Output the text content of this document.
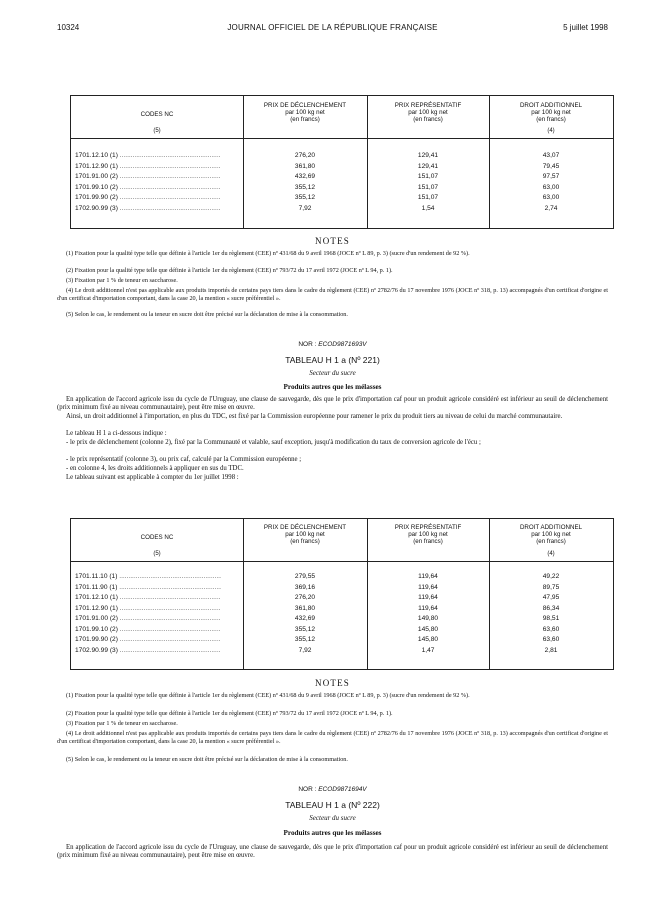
10324	JOURNAL OFFICIEL DE LA RÉPUBLIQUE FRANÇAISE	5 juillet 1998
CODES NC
(5)
PRIX DE DÉCLENCHEMENT
par 100 kg net
(en francs)
PRIX REPRÉSENTATIF
par 100 kg net
(en francs)
DROIT ADDITIONNEL
par 100 kg net
(en francs)
(4)
1701.12.10 (1) .....	276,20	129,41	43,07
1701.12.90 (1) .....	361,80	129,41	79,45
1701.91.00 (2) .....	432,69	151,07	97,57
1701.99.10 (2) .....	355,12	151,07	63,00
1701.99.90 (2) .....	355,12	151,07	63,00
1702.90.99 (3) .....	7,92	1,54	2,74
NOTES
(1) Fixation pour la qualité type telle que définie à l'article 1er du règlement (CEE) nº 431/68 du 9 avril 1968 (JOCE nº L 89, p. 3) (sucre d'un rendement de 92 %).
(2) Fixation pour la qualité type telle que définie à l'article 1er du règlement (CEE) nº 793/72 du 17 avril 1972 (JOCE nº L 94, p. 1).
(3) Fixation par 1 % de teneur en saccharose.
(4) Le droit additionnel n'est pas applicable aux produits importés de certains pays tiers dans le cadre du règlement (CEE) nº 2782/76 du 17 novembre 1976 (JOCE nº 318, p. 13) accompagnés d'un certificat d'origine et d'un certificat d'importation comportant, dans la case 20, la mention « sucre préférentiel ».
(5) Selon le cas, le rendement ou la teneur en sucre doit être précisé sur la déclaration de mise à la consommation.
NOR : ECOD9871693V
TABLEAU H 1 a (Nº 221)
Secteur du sucre
Produits autres que les mélasses
En application de l'accord agricole issu du cycle de l'Uruguay, une clause de sauvegarde, dès que le prix d'importation caf pour un produit agricole considéré est inférieur au seuil de déclenchement (prix minimum fixé au niveau communautaire), peut être mise en œuvre.
Ainsi, un droit additionnel à l'importation, en plus du TDC, est fixé par la Commission européenne pour ramener le prix du produit tiers au niveau de celui du marché communautaire.
Le tableau H 1 a ci-dessous indique :
- le prix de déclenchement (colonne 2), fixé par la Communauté et valable, sauf exception, jusqu'à modification du taux de conversion agricole de l'écu ;
- le prix représentatif (colonne 3), ou prix caf, calculé par la Commission européenne ;
- en colonne 4, les droits additionnels à appliquer en sus du TDC.
Le tableau suivant est applicable à compter du 1er juillet 1998 :
CODES NC
(5)
PRIX DE DÉCLENCHEMENT
par 100 kg net
(en francs)
PRIX REPRÉSENTATIF
par 100 kg net
(en francs)
DROIT ADDITIONNEL
par 100 kg net
(en francs)
(4)
1701.11.10 (1) .....	279,55	119,64	49,22
1701.11.90 (1) .....	369,16	119,64	89,75
1701.12.10 (1) .....	276,20	119,64	47,95
1701.12.90 (1) .....	361,80	119,64	86,34
1701.91.00 (2) .....	432,69	149,80	98,51
1701.99.10 (2) .....	355,12	145,80	63,60
1701.99.90 (2) .....	355,12	145,80	63,60
1702.90.99 (3) .....	7,92	1,47	2,81
NOTES
(1) Fixation pour la qualité type telle que définie à l'article 1er du règlement (CEE) nº 431/68 du 9 avril 1968 (JOCE nº L 89, p. 3) (sucre d'un rendement de 92 %).
(2) Fixation pour la qualité type telle que définie à l'article 1er du règlement (CEE) nº 793/72 du 17 avril 1972 (JOCE nº L 94, p. 1).
(3) Fixation par 1 % de teneur en saccharose.
(4) Le droit additionnel n'est pas applicable aux produits importés de certains pays tiers dans le cadre du règlement (CEE) nº 2782/76 du 17 novembre 1976 (JOCE nº 318, p. 13) accompagnés d'un certificat d'origine et d'un certificat d'importation comportant, dans la case 20, la mention « sucre préférentiel ».
(5) Selon le cas, le rendement ou la teneur en sucre doit être précisé sur la déclaration de mise à la consommation.
NOR : ECOD9871694V
TABLEAU H 1 a (Nº 222)
Secteur du sucre
Produits autres que les mélasses
En application de l'accord agricole issu du cycle de l'Uruguay, une clause de sauvegarde, dès que le prix d'importation caf pour un produit agricole considéré est inférieur au seuil de déclenchement (prix minimum fixé au niveau communautaire), peut être mise en œuvre.
